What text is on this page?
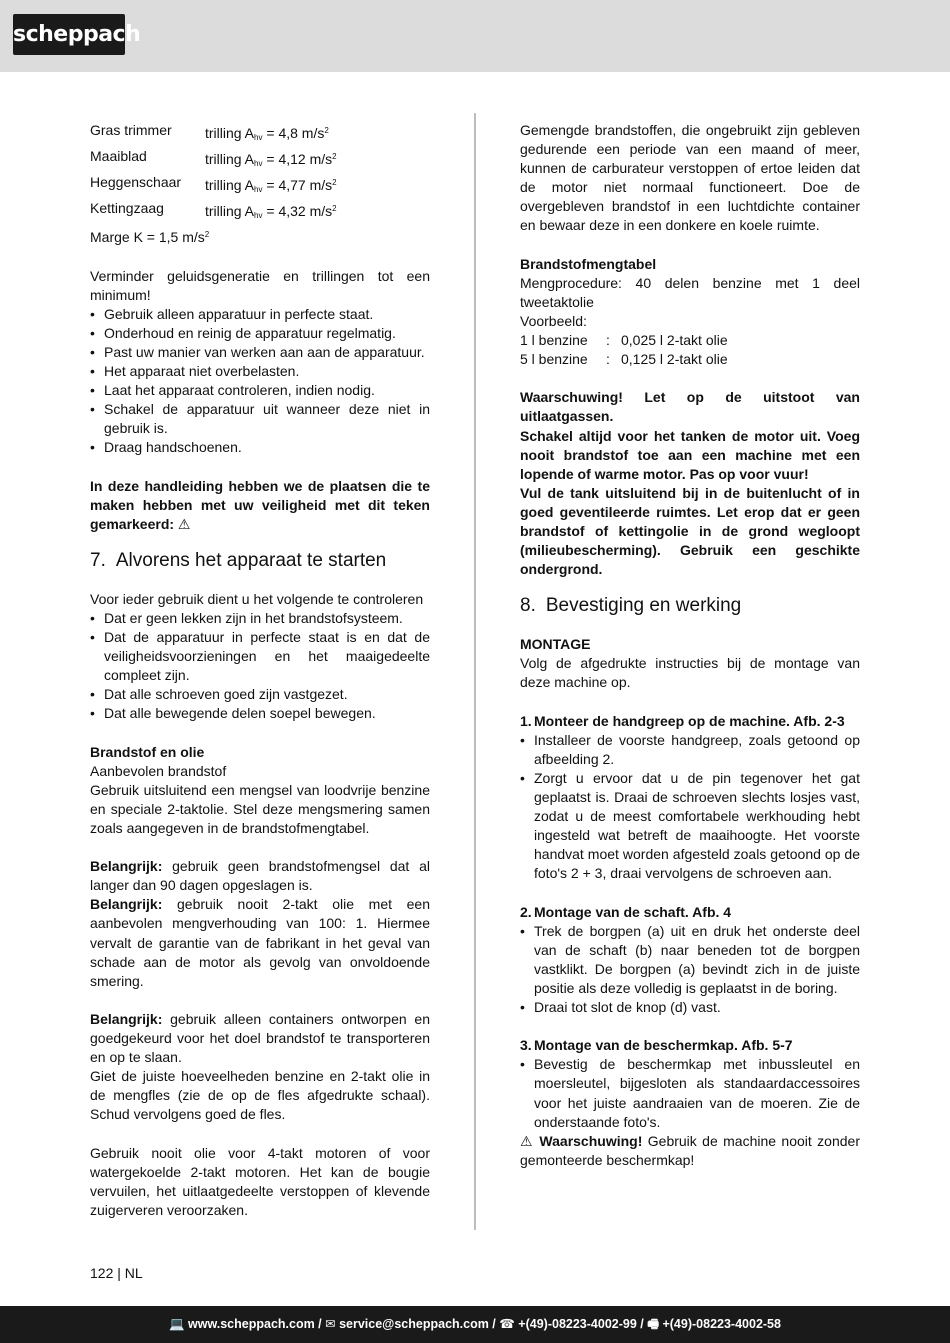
scheppach
Gras trimmer	trilling $A_{hv} = 4,8$ $m/s^2$
Maaiblad	trilling $A_{hv} = 4,12$ $m/s^2$
Heggenschaar	trilling $A_{hv} = 4,77$ $m/s^2$
Kettingzaag	trilling $A_{hv} = 4,32$ $m/s^2$
Marge K = 1,5 $m/s^2$

Verminder geluidsgeneratie en trillingen tot een minimum!

• Gebruik alleen apparatuur in perfecte staat.
• Onderhoud en reinig de apparatuur regelmatig.
• Past uw manier van werken aan aan de apparatuur.
• Het apparaat niet overbelasten.
• Laat het apparaat controleren, indien nodig.
• Schakel de apparatuur uit wanneer deze niet in gebruik is.
• Draag handschoenen.

In deze handleiding hebben we de plaatsen die te maken hebben met uw veiligheid met dit teken gemarkeerd: ⚠

7. Alvorens het apparaat te starten

Voor ieder gebruik dient u het volgende te controleren

• Dat er geen lekken zijn in het brandstofsysteem.
• Dat de apparatuur in perfecte staat is en dat de veiligheidsvoorzieningen en het maaigedeelte compleet zijn.
• Dat alle schroeven goed zijn vastgezet.
• Dat alle bewegende delen soepel bewegen.

Brandstof en olie

Aanbevolen brandstof

Gebruik uitsluitend een mengsel van loodvrije benzine en speciale 2-taktolie. Stel deze mengsmering samen zoals aangegeven in de brandstofmengtabel.

Belangrijk: gebruik geen brandstofmengsel dat al langer dan 90 dagen opgeslagen is.

Belangrijk: gebruik nooit 2-takt olie met een aanbevolen mengverhouding van 100: 1. Hiermee vervalt de garantie van de fabrikant in het geval van schade aan de motor als gevolg van onvoldoende smering.

Belangrijk: gebruik alleen containers ontworpen en goedgekeurd voor het doel brandstof te transporteren en op te slaan.

Giet de juiste hoeveelheden benzine en 2-takt olie in de mengfles (zie de op de fles afgedrukte schaal). Schud vervolgens goed de fles.

Gebruik nooit olie voor 4-takt motoren of voor watergekoelde 2-takt motoren. Het kan de bougie vervuilen, het uitlaatgedeelte verstoppen of klevende zuigerveren veroorzaken.

Gemengde brandstoffen, die ongebruikt zijn gebleven gedurende een periode van een maand of meer, kunnen de carburateur verstoppen of ertoe leiden dat de motor niet normaal functioneert. Doe de overgebleven brandstof in een luchtdichte container en bewaar deze in een donkere en koele ruimte.

Brandstofmengtabel

Mengprocedure: 40 delen benzine met 1 deel tweetaktolie

Voorbeeld:

1 l benzine	: 0,025 l 2-takt olie
5 l benzine	: 0,125 l 2-takt olie

Waarschuwing! Let op de uitstoot van uitlaatgassen.

Schakel altijd voor het tanken de motor uit. Voeg nooit brandstof toe aan een machine met een lopende of warme motor. Pas op voor vuur!

Vul de tank uitsluitend bij in de buitenlucht of in goed geventileerde ruimtes. Let erop dat er geen brandstof of kettingolie in de grond wegloopt (milieubescherming). Gebruik een geschikte ondergrond.

8. Bevestiging en werking

MONTAGE

Volg de afgedrukte instructies bij de montage van deze machine op.

1. Monteer de handgreep op de machine. Afb. 2-3
• Installeer de voorste handgreep, zoals getoond op afbeelding 2.
• Zorgt u ervoor dat u de pin tegenover het gat geplaatst is. Draai de schroeven slechts losjes vast, zodat u de meest comfortabele werkhouding hebt ingesteld wat betreft de maaihoogte. Het voorste handvat moet worden afgesteld zoals getoond op de foto's 2 + 3, draai vervolgens de schroeven aan.
2. Montage van de schaft. Afb. 4
• Trek de borgpen (a) uit en druk het onderste deel van de schaft (b) naar beneden tot de borgpen vastklikt. De borgpen (a) bevindt zich in de juiste positie als deze volledig is geplaatst in de boring.
• Draai tot slot de knop (d) vast.
3. Montage van de beschermkap. Afb. 5-7
• Bevestig de beschermkap met inbussleutel en moersleutel, bijgesloten als standaardaccessoires voor het juiste aandraaien van de moeren. Zie de onderstaande foto's.

⚠ Waarschuwing! Gebruik de machine nooit zonder gemonteerde beschermkap!

122 | NL
💻 www.scheppach.com / ✉ service@scheppach.com / ☎ +(49)-08223-4002-99 / 🖷 +(49)-08223-4002-58
